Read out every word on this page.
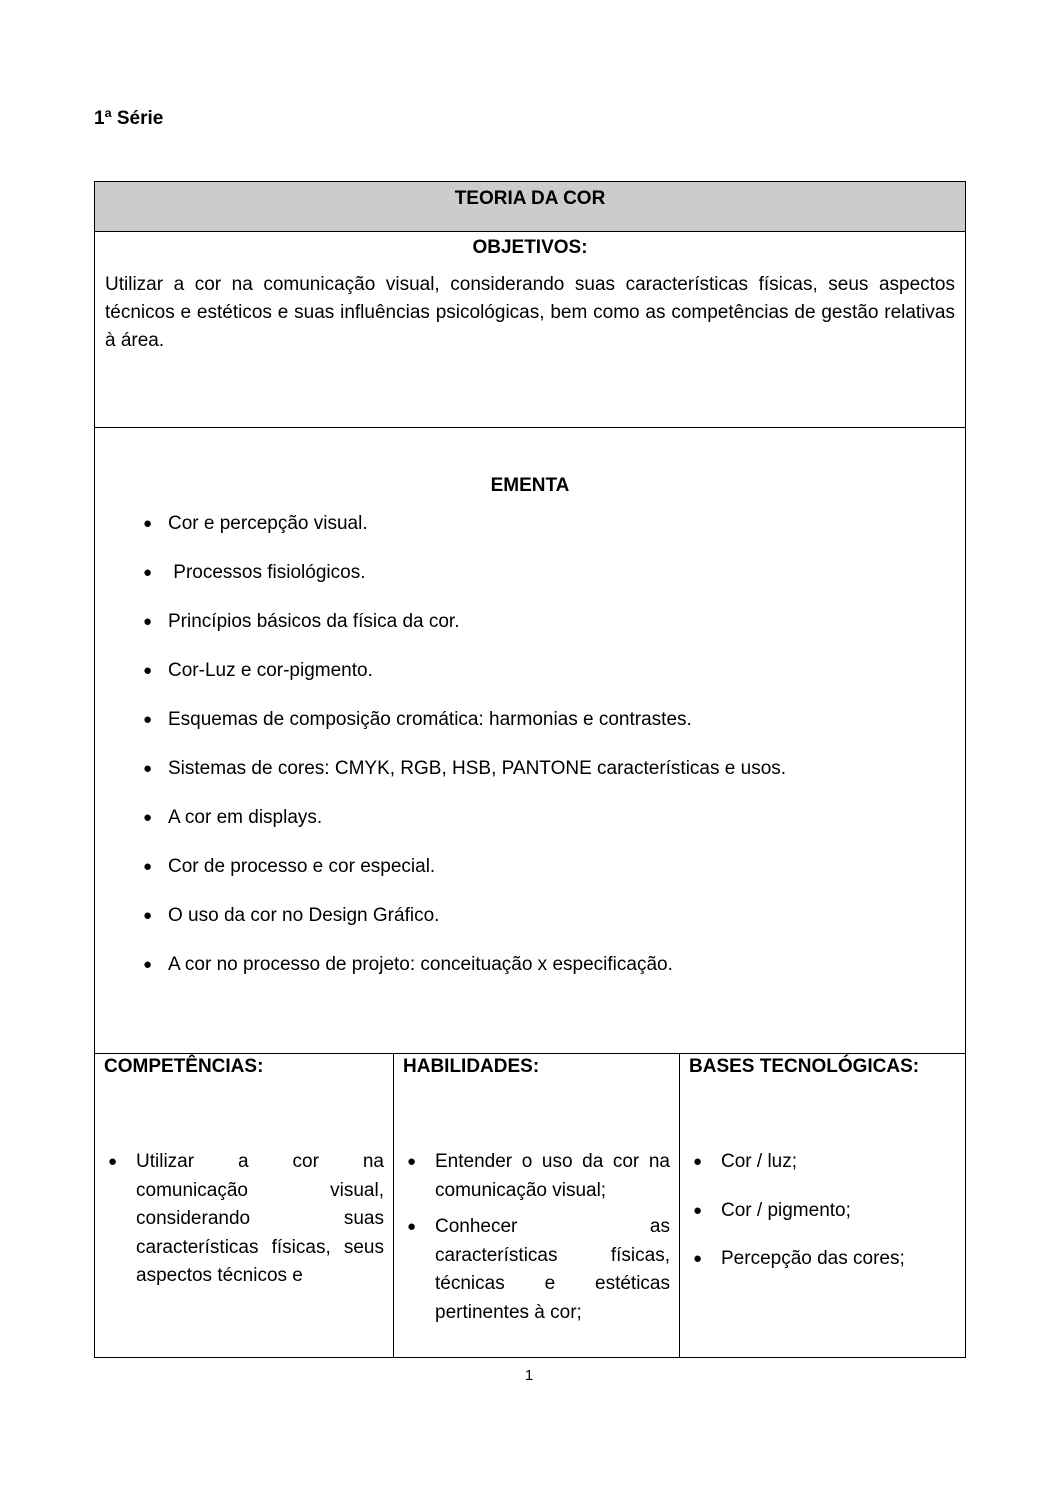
1ª Série
TEORIA DA COR

OBJETIVOS:
Utilizar a cor na comunicação visual, considerando suas características físicas, seus aspectos técnicos e estéticos e suas influências psicológicas, bem como as competências de gestão relativas à área.

EMENTA
● Cor e percepção visual.
● Processos fisiológicos.
● Princípios básicos da física da cor.
● Cor-Luz e cor-pigmento.
● Esquemas de composição cromática: harmonias e contrastes.
● Sistemas de cores: CMYK, RGB, HSB, PANTONE características e usos.
● A cor em displays.
● Cor de processo e cor especial.
● O uso da cor no Design Gráfico.
● A cor no processo de projeto: conceituação x especificação.

COMPETÊNCIAS:
● Utilizar a cor na comunicação visual, considerando suas características físicas, seus aspectos técnicos e

HABILIDADES:
● Entender o uso da cor na comunicação visual;
● Conhecer as características físicas, técnicas e estéticas pertinentes à cor;

BASES TECNOLÓGICAS:
● Cor / luz;
● Cor / pigmento;
● Percepção das cores;
1
